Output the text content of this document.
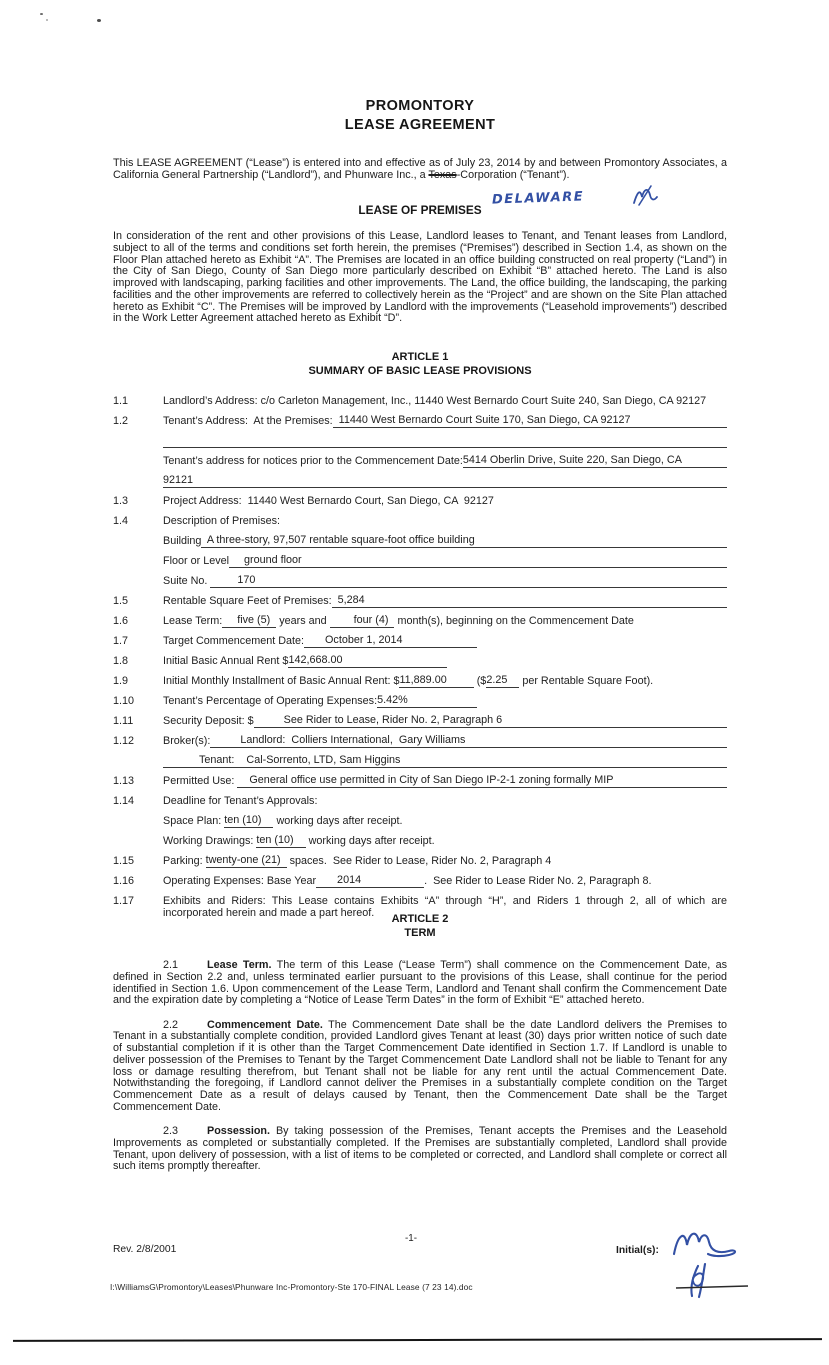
PROMONTORY
LEASE AGREEMENT

This LEASE AGREEMENT (“Lease”) is entered into and effective as of July 23, 2014 by and between Promontory Associates, a California General Partnership (“Landlord”), and Phunware Inc., a Texas-Corporation (“Tenant”).

DELAWARE
LEASE OF PREMISES

In consideration of the rent and other provisions of this Lease, Landlord leases to Tenant, and Tenant leases from Landlord, subject to all of the terms and conditions set forth herein, the premises (“Premises”) described in Section 1.4, as shown on the Floor Plan attached hereto as Exhibit “A”. The Premises are located in an office building constructed on real property (“Land”) in the City of San Diego, County of San Diego more particularly described on Exhibit “B” attached hereto. The Land is also improved with landscaping, parking facilities and other improvements. The Land, the office building, the landscaping, the parking facilities and the other improvements are referred to collectively herein as the “Project” and are shown on the Site Plan attached hereto as Exhibit “C”. The Premises will be improved by Landlord with the improvements (“Leasehold improvements”) described in the Work Letter Agreement attached hereto as Exhibit “D”.

ARTICLE 1
SUMMARY OF BASIC LEASE PROVISIONS
1.1	Landlord’s Address: c/o Carleton Management, Inc., 11440 West Bernardo Court Suite 240, San Diego, CA 92127
1.2	Tenant’s Address:  At the Premises: 11440 West Bernardo Court Suite 170, San Diego, CA 92127
Tenant’s address for notices prior to the Commencement Date: 5414 Oberlin Drive, Suite 220, San Diego, CA
92121
1.3	Project Address:  11440 West Bernardo Court, San Diego, CA  92127
1.4	Description of Premises:
Building A three-story, 97,507 rentable square-foot office building
Floor or Level ground floor
Suite No. 170
1.5	Rentable Square Feet of Premises: 5,284
1.6	Lease Term: five (5) years and four (4) month(s), beginning on the Commencement Date
1.7	Target Commencement Date: October 1, 2014
1.8	Initial Basic Annual Rent $ 142,668.00
1.9	Initial Monthly Installment of Basic Annual Rent: $ 11,889.00 ($ 2.25 per Rentable Square Foot).
1.10	Tenant’s Percentage of Operating Expenses: 5.42%
1.11	Security Deposit: $ See Rider to Lease, Rider No. 2, Paragraph 6
1.12	Broker(s): Landlord:  Colliers International,  Gary Williams

Tenant:    Cal-Sorrento, LTD, Sam Higgins
1.13	Permitted Use: General office use permitted in City of San Diego IP-2-1 zoning formally MIP
1.14	Deadline for Tenant’s Approvals:
Space Plan: ten (10) working days after receipt.
Working Drawings: ten (10) working days after receipt.
1.15	Parking: twenty-one (21) spaces.  See Rider to Lease, Rider No. 2, Paragraph 4
1.16	Operating Expenses: Base Year 2014 .  See Rider to Lease Rider No. 2, Paragraph 8.
1.17	Exhibits and Riders: This Lease contains Exhibits “A” through “H”, and Riders 1 through 2, all of which are incorporated herein and made a part hereof.	ARTICLE 2
TERM

2.1	Lease Term. The term of this Lease (“Lease Term”) shall commence on the Commencement Date, as defined in Section 2.2 and, unless terminated earlier pursuant to the provisions of this Lease, shall continue for the period identified in Section 1.6. Upon commencement of the Lease Term, Landlord and Tenant shall confirm the Commencement Date and the expiration date by completing a “Notice of Lease Term Dates” in the form of Exhibit “E” attached hereto.

2.2	Commencement Date. The Commencement Date shall be the date Landlord delivers the Premises to Tenant in a substantially complete condition, provided Landlord gives Tenant at least (30) days prior written notice of such date of substantial completion if it is other than the Target Commencement Date identified in Section 1.7. If Landlord is unable to deliver possession of the Premises to Tenant by the Target Commencement Date Landlord shall not be liable to Tenant for any loss or damage resulting therefrom, but Tenant shall not be liable for any rent until the actual Commencement Date. Notwithstanding the foregoing, if Landlord cannot deliver the Premises in a substantially complete condition on the Target Commencement Date as a result of delays caused by Tenant, then the Commencement Date shall be the Target Commencement Date.

2.3	Possession. By taking possession of the Premises, Tenant accepts the Premises and the Leasehold Improvements as completed or substantially completed. If the Premises are substantially completed, Landlord shall provide Tenant, upon delivery of possession, with a list of items to be completed or corrected, and Landlord shall complete or correct all such items promptly thereafter.

-1-
Rev. 2/8/2001	Initial(s):
I:\WilliamsG\Promontory\Leases\Phunware Inc-Promontory-Ste 170-FINAL Lease (7 23 14).doc
